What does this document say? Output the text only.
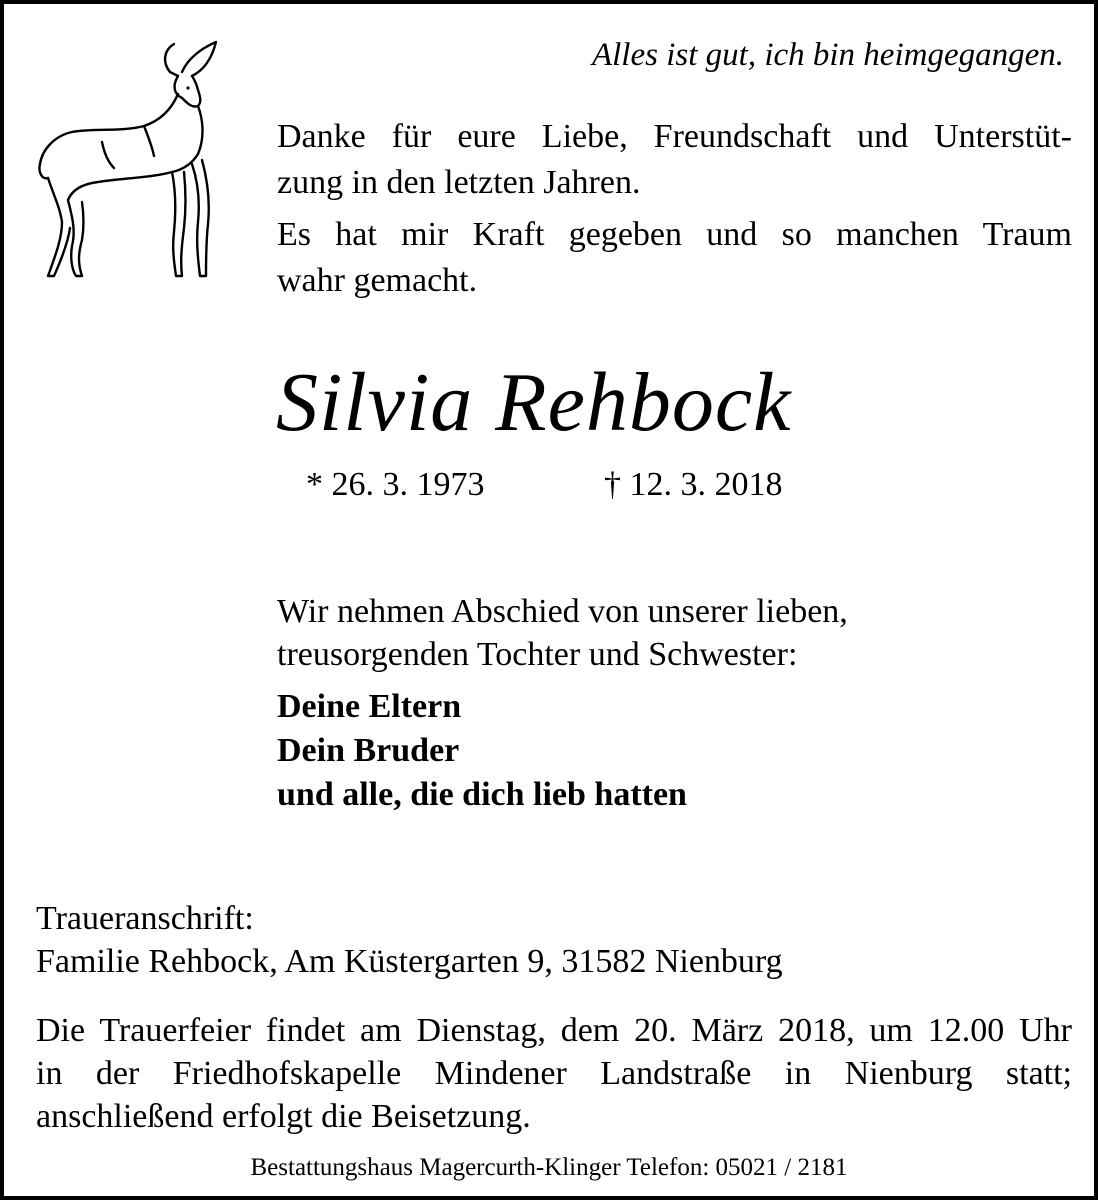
Alles ist gut, ich bin heimgegangen.
Danke für eure Liebe, Freundschaft und Unterstüt-
zung in den letzten Jahren.
Es hat mir Kraft gegeben und so manchen Traum
wahr gemacht.
Silvia Rehbock
* 26. 3. 1973	† 12. 3. 2018
Wir nehmen Abschied von unserer lieben,
treusorgenden Tochter und Schwester:
Deine Eltern
Dein Bruder
und alle, die dich lieb hatten
Traueranschrift:
Familie Rehbock, Am Küstergarten 9, 31582 Nienburg
Die Trauerfeier findet am Dienstag, dem 20. März 2018, um 12.00 Uhr
in der Friedhofskapelle Mindener Landstraße in Nienburg statt;
anschließend erfolgt die Beisetzung.
Bestattungshaus Magercurth-Klinger Telefon: 05021 / 2181
